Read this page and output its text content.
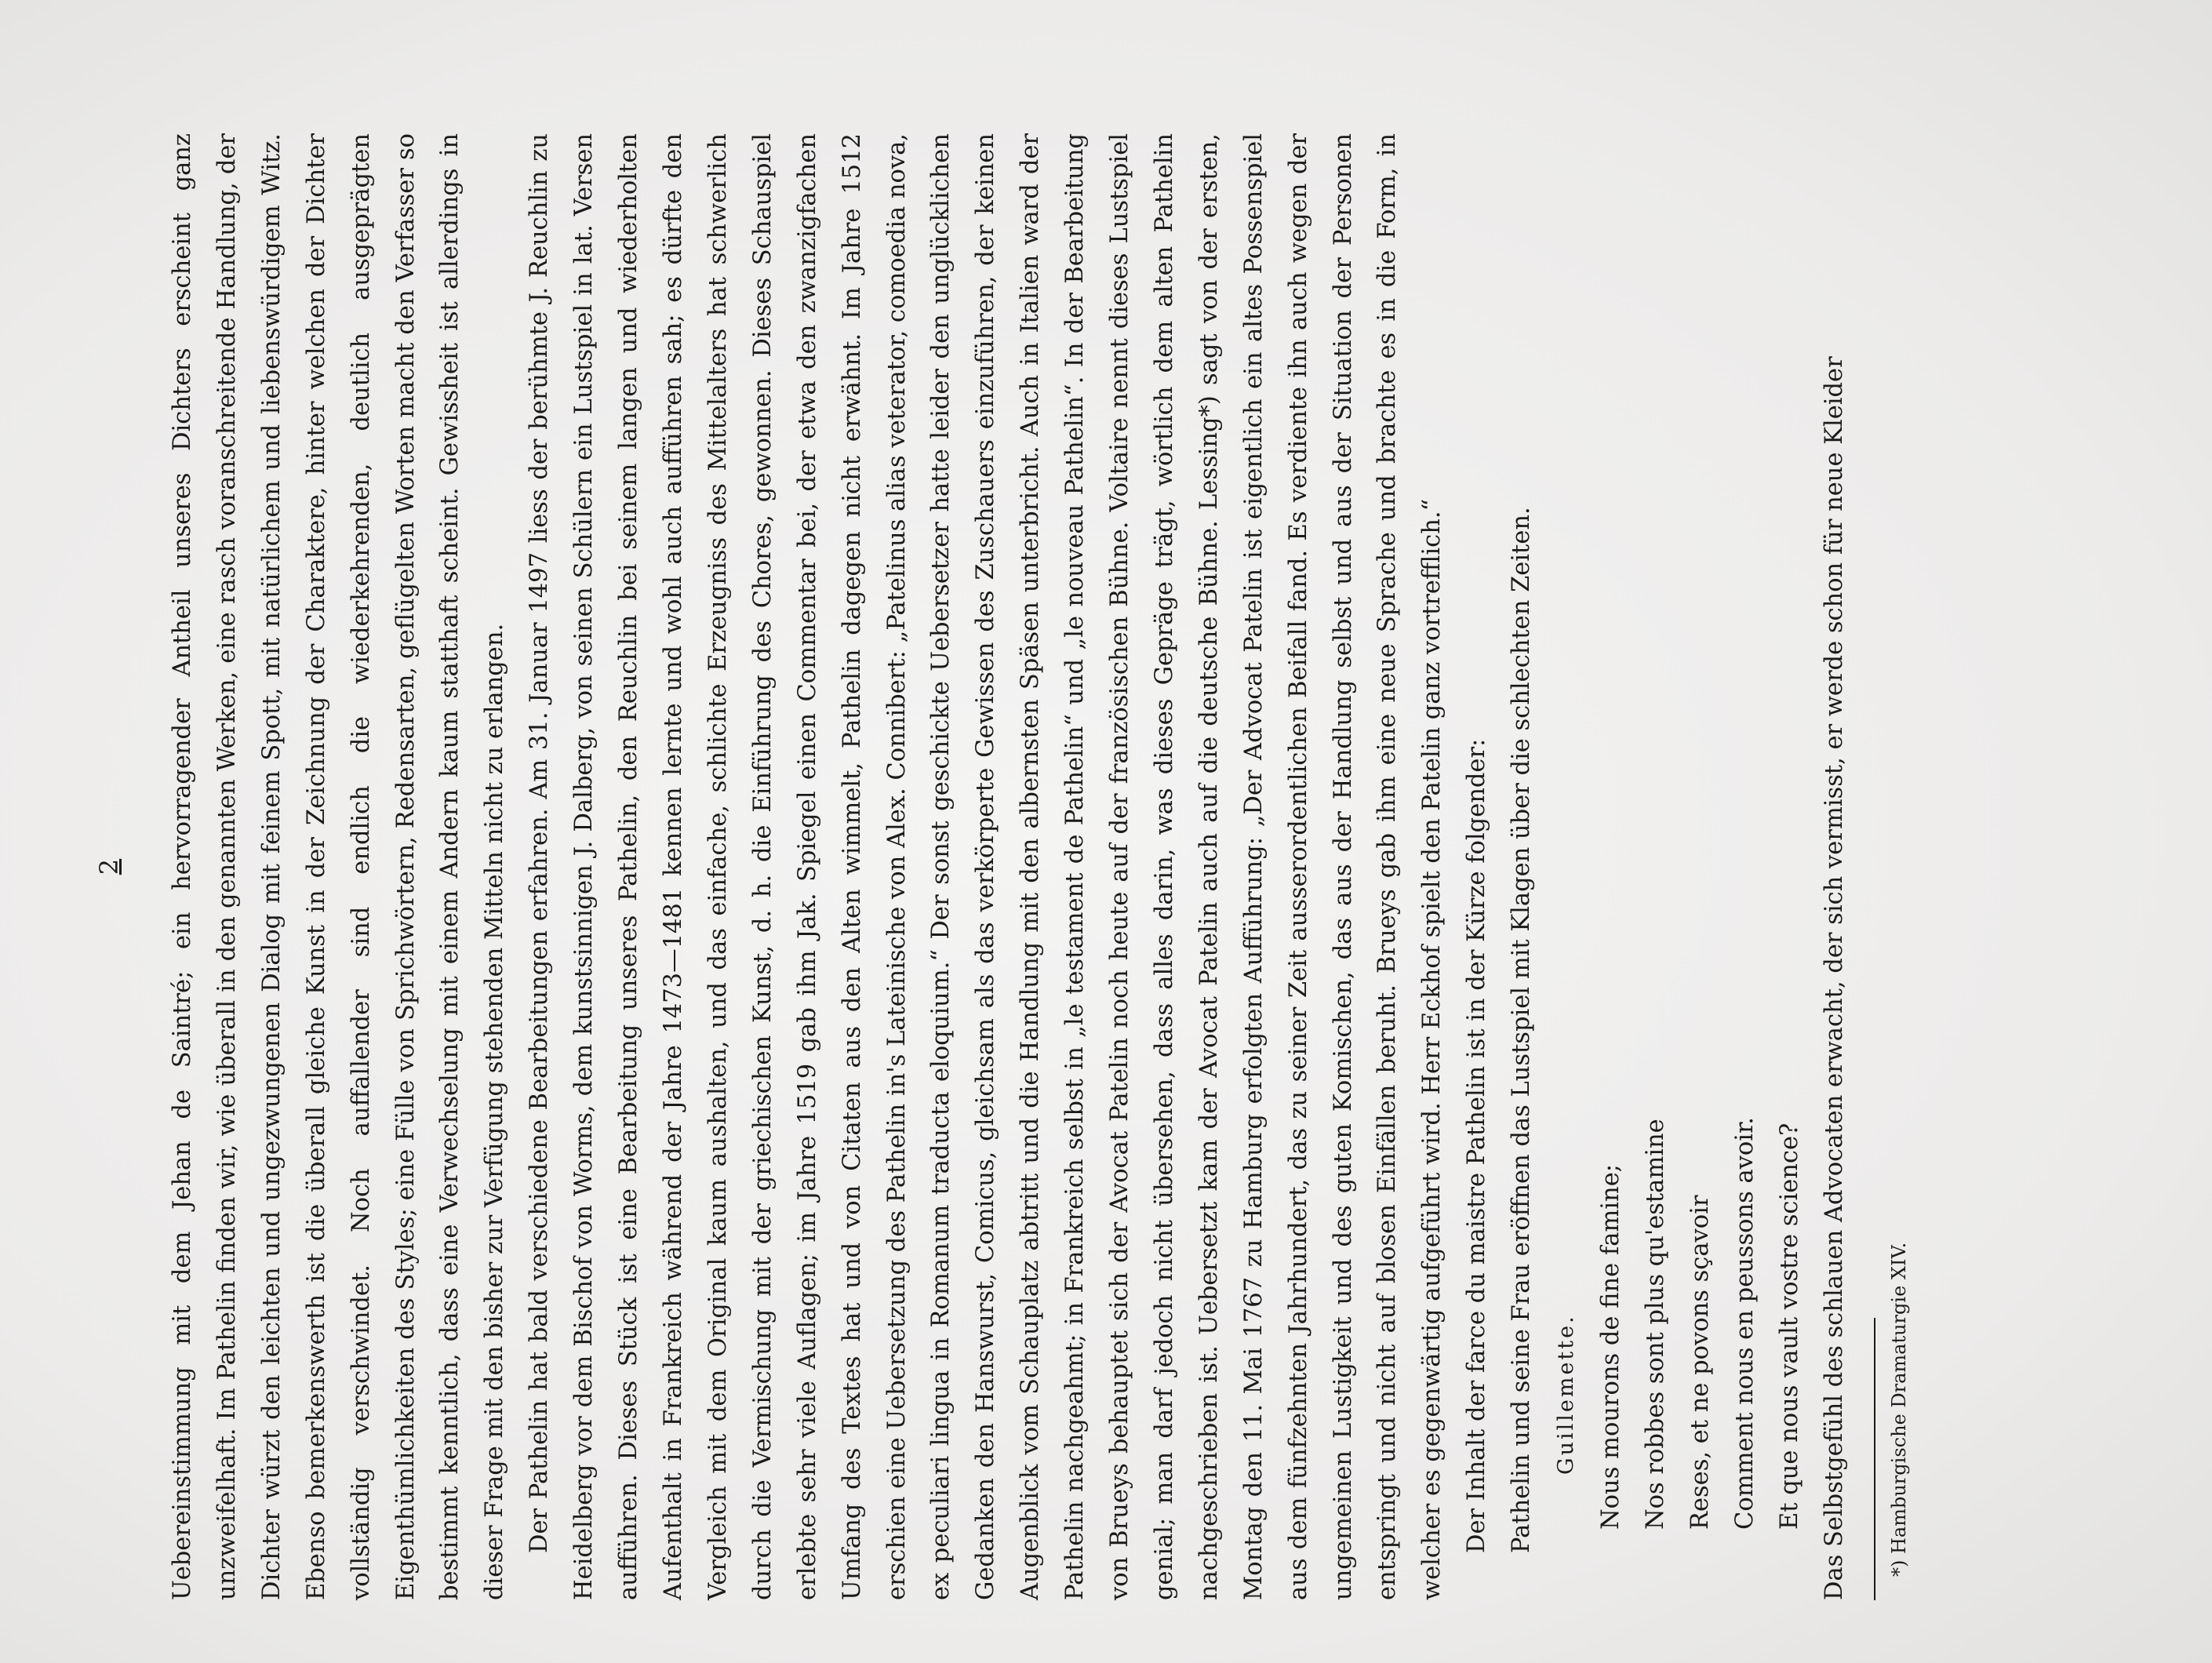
2	Uebereinstimmung mit dem Jehan de Saintré; ein hervorragender Antheil unseres Dichters erscheint ganz unzweifelhaft. Im Pathelin finden wir, wie überall in den genannten Werken, eine rasch voranschreitende Handlung, der Dichter würzt den leichten und ungezwungenen Dialog mit feinem Spott, mit natürlichem und liebenswürdigem Witz. Ebenso bemerkenswerth ist die überall gleiche Kunst in der Zeichnung der Charaktere, hinter welchen der Dichter vollständig verschwindet. Noch auffallender sind endlich die wiederkehrenden, deutlich ausgeprägten Eigenthümlichkeiten des Styles; eine Fülle von Sprichwörtern, Redensarten, geflügelten Worten macht den Verfasser so bestimmt kenntlich, dass eine Verwechselung mit einem Andern kaum statthaft scheint. Gewissheit ist allerdings in dieser Frage mit den bisher zur Verfügung stehenden Mitteln nicht zu erlangen. Der Pathelin hat bald verschiedene Bearbeitungen erfahren. Am 31. Januar 1497 liess der berühmte J. Reuchlin zu Heidelberg vor dem Bischof von Worms, dem kunstsinnigen J. Dalberg, von seinen Schülern ein Lustspiel in lat. Versen aufführen. Dieses Stück ist eine Bearbeitung unseres Pathelin, den Reuchlin bei seinem langen und wiederholten Aufenthalt in Frankreich während der Jahre 1473—1481 kennen lernte und wohl auch aufführen sah; es dürfte den Vergleich mit dem Original kaum aushalten, und das einfache, schlichte Erzeugniss des Mittelalters hat schwerlich durch die Vermischung mit der griechischen Kunst, d. h. die Einführung des Chores, gewonnen. Dieses Schauspiel erlebte sehr viele Auflagen; im Jahre 1519 gab ihm Jak. Spiegel einen Commentar bei, der etwa den zwanzigfachen Umfang des Textes hat und von Citaten aus den Alten wimmelt, Pathelin dagegen nicht erwähnt. Im Jahre 1512 erschien eine Uebersetzung des Pathelin in's Lateinische von Alex. Connibert: „Patelinus alias veterator, comoedia nova, ex peculiari lingua in Romanum traducta eloquium.“ Der sonst geschickte Uebersetzer hatte leider den unglücklichen Gedanken den Hanswurst, Comicus, gleichsam als das verkörperte Gewissen des Zuschauers einzuführen, der keinen Augenblick vom Schauplatz abtritt und die Handlung mit den albernsten Späsen unterbricht. Auch in Italien ward der Pathelin nachgeahmt; in Frankreich selbst in „le testament de Pathelin“ und „le nouveau Pathelin“. In der Bearbeitung von Brueys behauptet sich der Avocat Patelin noch heute auf der französischen Bühne. Voltaire nennt dieses Lustspiel genial; man darf jedoch nicht übersehen, dass alles darin, was dieses Gepräge trägt, wörtlich dem alten Pathelin nachgeschrieben ist. Uebersetzt kam der Avocat Patelin auch auf die deutsche Bühne. Lessing*) sagt von der ersten, Montag den 11. Mai 1767 zu Hamburg erfolgten Aufführung: „Der Advocat Patelin ist eigentlich ein altes Possenspiel aus dem fünfzehnten Jahrhundert, das zu seiner Zeit ausserordentlichen Beifall fand. Es verdiente ihn auch wegen der ungemeinen Lustigkeit und des guten Komischen, das aus der Handlung selbst und aus der Situation der Personen entspringt und nicht auf blosen Einfällen beruht. Brueys gab ihm eine neue Sprache und brachte es in die Form, in welcher es gegenwärtig aufgeführt wird. Herr Eckhof spielt den Patelin ganz vortrefflich.“ Der Inhalt der farce du maistre Pathelin ist in der Kürze folgender: Pathelin und seine Frau eröffnen das Lustspiel mit Klagen über die schlechten Zeiten. Guillemette. Nous mourons de fine famine; Nos robbes sont plus qu'estamine Reses, et ne povons sçavoir Comment nous en peussons avoir. Et que nous vault vostre science? Das Selbstgefühl des schlauen Advocaten erwacht, der sich vermisst, er werde schon für neue Kleider	*) Hamburgische Dramaturgie XIV.
